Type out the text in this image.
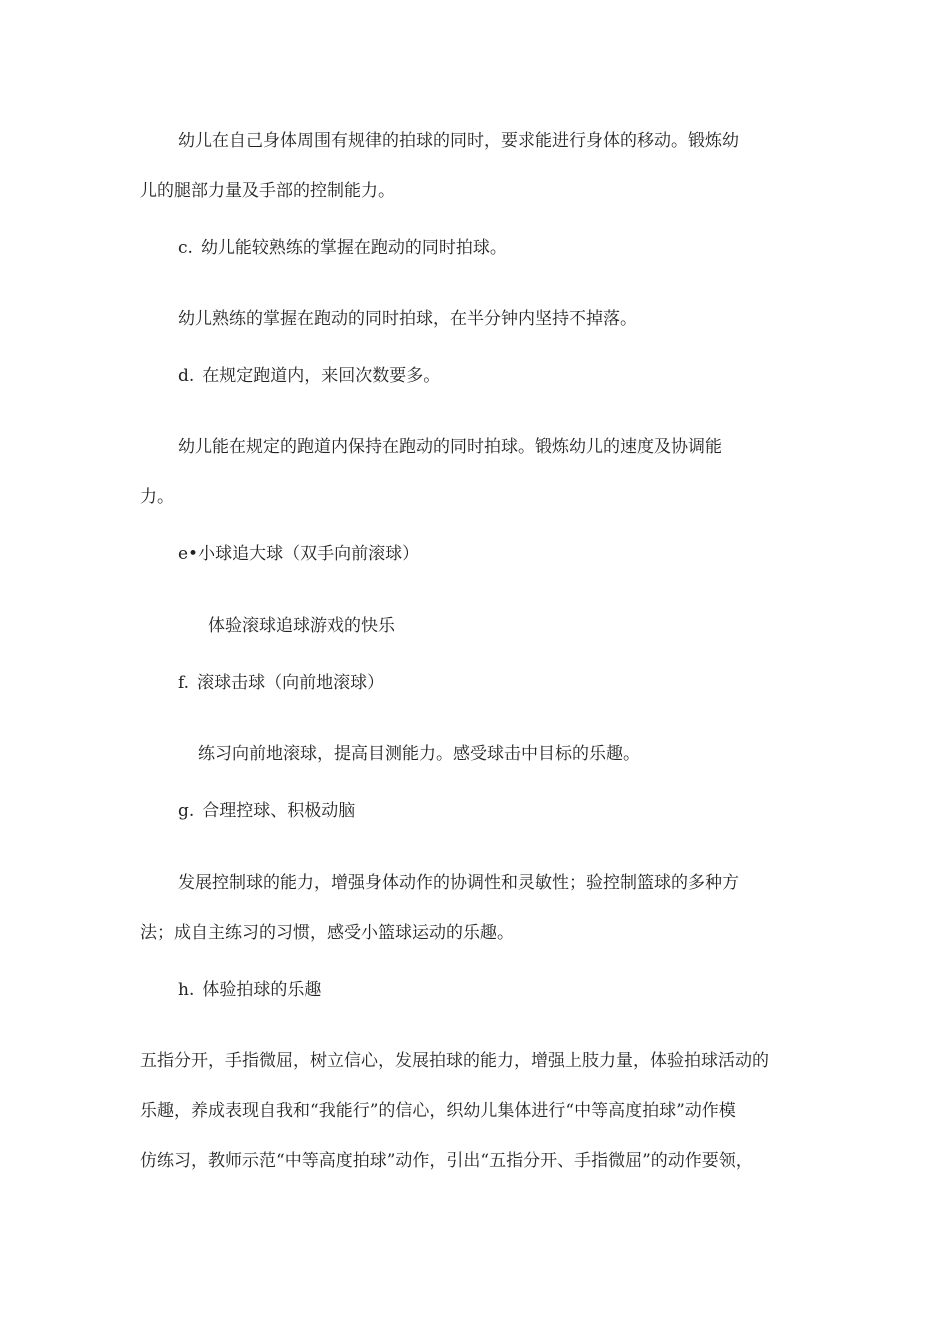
幼儿在自己身体周围有规律的拍球的同时，要求能进行身体的移动。锻炼幼
儿的腿部力量及手部的控制能力。
c. 幼儿能较熟练的掌握在跑动的同时拍球。
幼儿熟练的掌握在跑动的同时拍球，在半分钟内坚持不掉落。
d. 在规定跑道内，来回次数要多。
幼儿能在规定的跑道内保持在跑动的同时拍球。锻炼幼儿的速度及协调能
力。
e•小球追大球（双手向前滚球）
体验滚球追球游戏的快乐
f. 滚球击球（向前地滚球）
练习向前地滚球，提高目测能力。感受球击中目标的乐趣。
g. 合理控球、积极动脑
发展控制球的能力，增强身体动作的协调性和灵敏性；验控制篮球的多种方
法；成自主练习的习惯，感受小篮球运动的乐趣。
h. 体验拍球的乐趣
五指分开，手指微屈，树立信心，发展拍球的能力，增强上肢力量，体验拍球活动的
乐趣，养成表现自我和“我能行”的信心，织幼儿集体进行“中等高度拍球”动作模
仿练习，教师示范“中等高度拍球”动作，引出“五指分开、手指微屈”的动作要领，
